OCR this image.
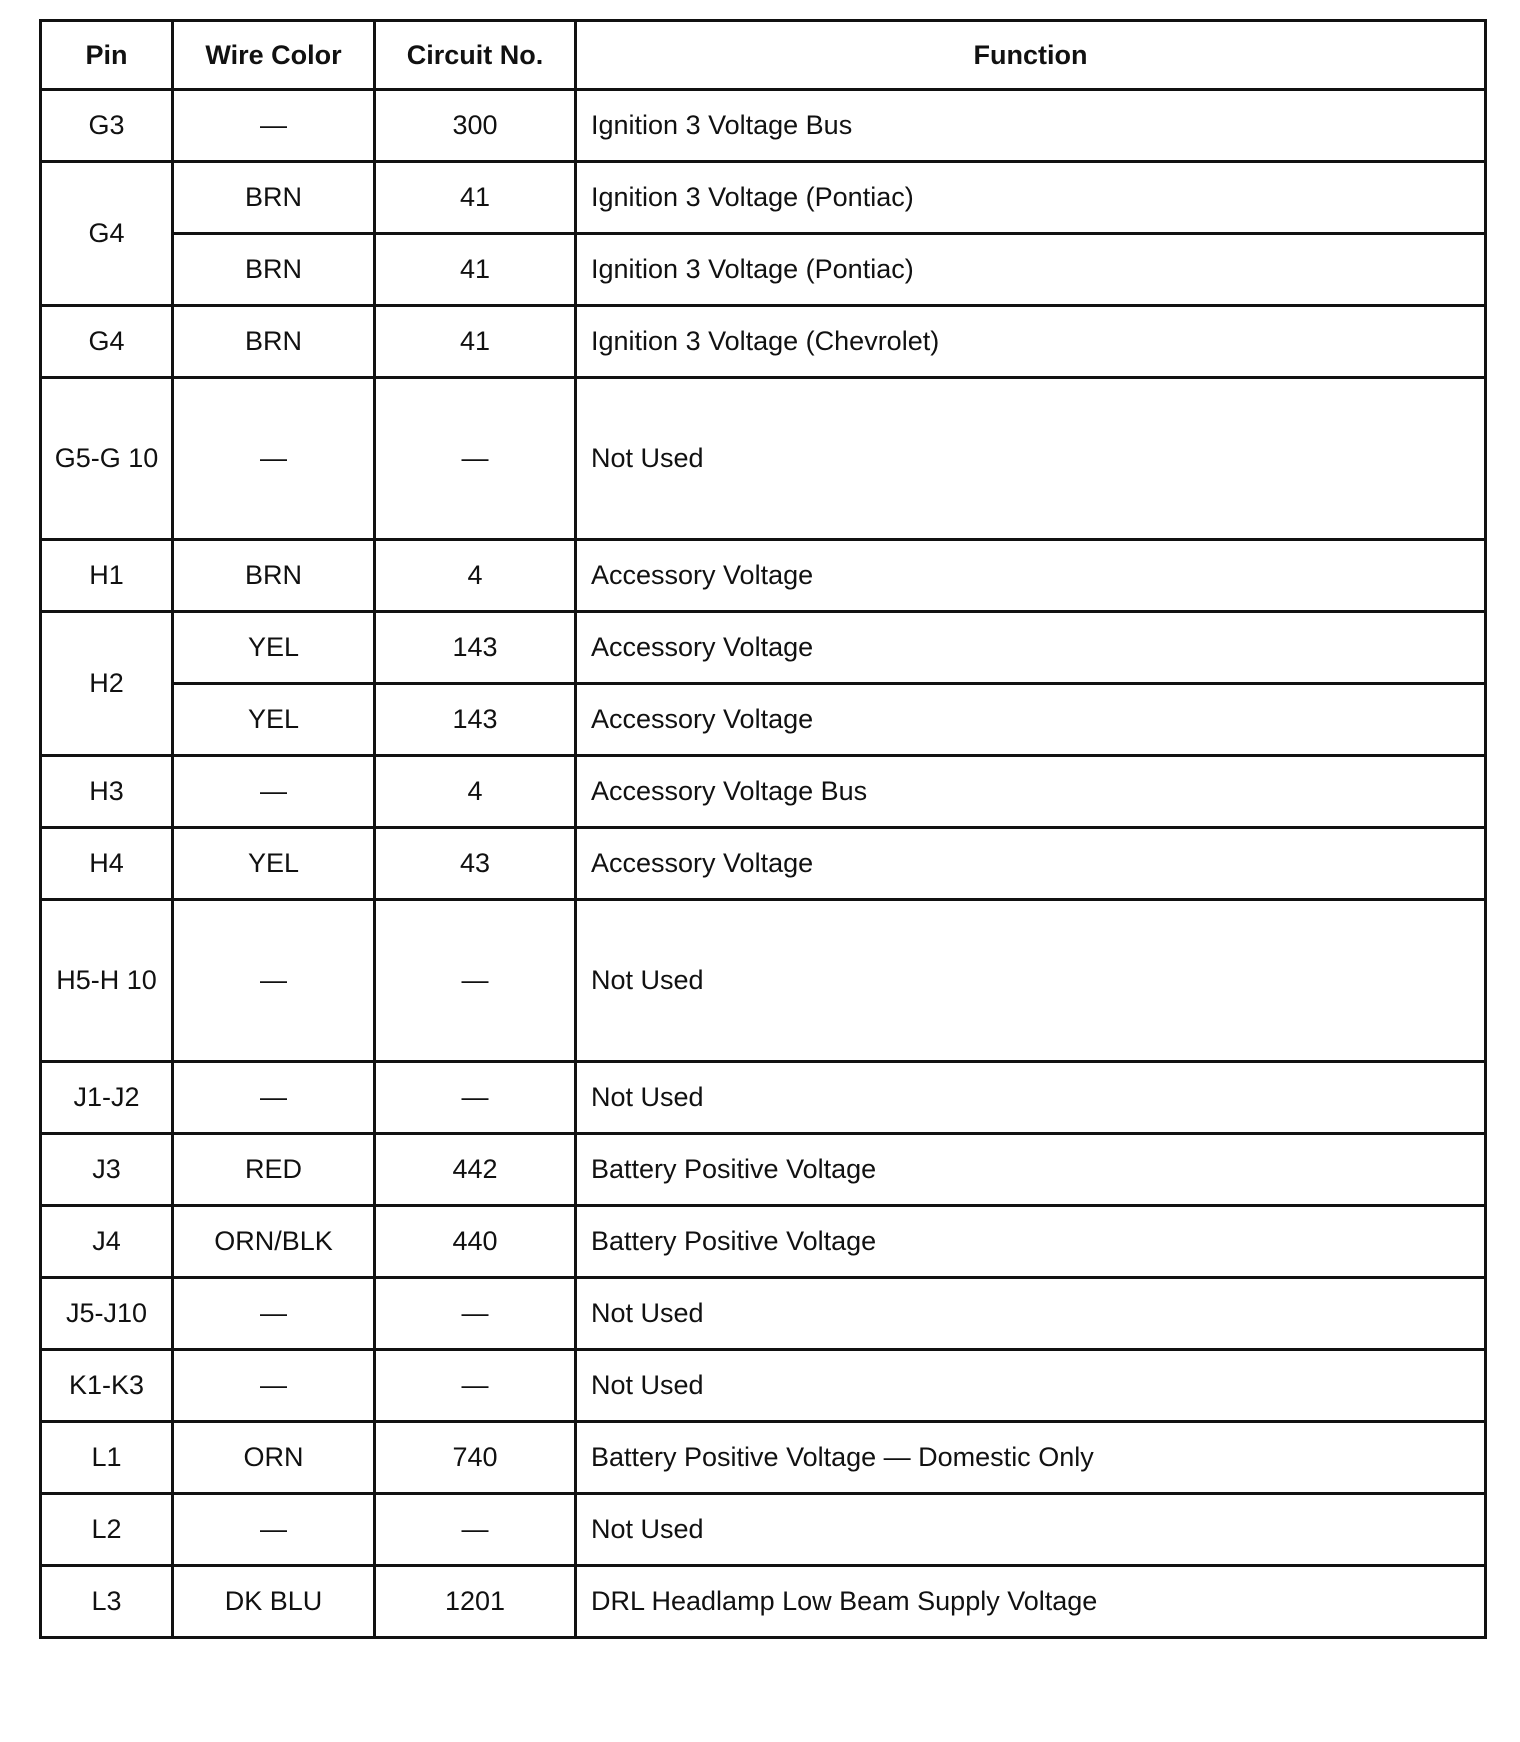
Pin	Wire Color	Circuit No.	Function
G3	—	300	Ignition 3 Voltage Bus
G4	BRN	41	Ignition 3 Voltage (Pontiac)
	BRN	41	Ignition 3 Voltage (Pontiac)
G4	BRN	41	Ignition 3 Voltage (Chevrolet)
G5-G 10	—	—	Not Used
H1	BRN	4	Accessory Voltage
H2	YEL	143	Accessory Voltage
	YEL	143	Accessory Voltage
H3	—	4	Accessory Voltage Bus
H4	YEL	43	Accessory Voltage
H5-H 10	—	—	Not Used
J1-J2	—	—	Not Used
J3	RED	442	Battery Positive Voltage
J4	ORN/BLK	440	Battery Positive Voltage
J5-J10	—	—	Not Used
K1-K3	—	—	Not Used
L1	ORN	740	Battery Positive Voltage — Domestic Only
L2	—	—	Not Used
L3	DK BLU	1201	DRL Headlamp Low Beam Supply Voltage
